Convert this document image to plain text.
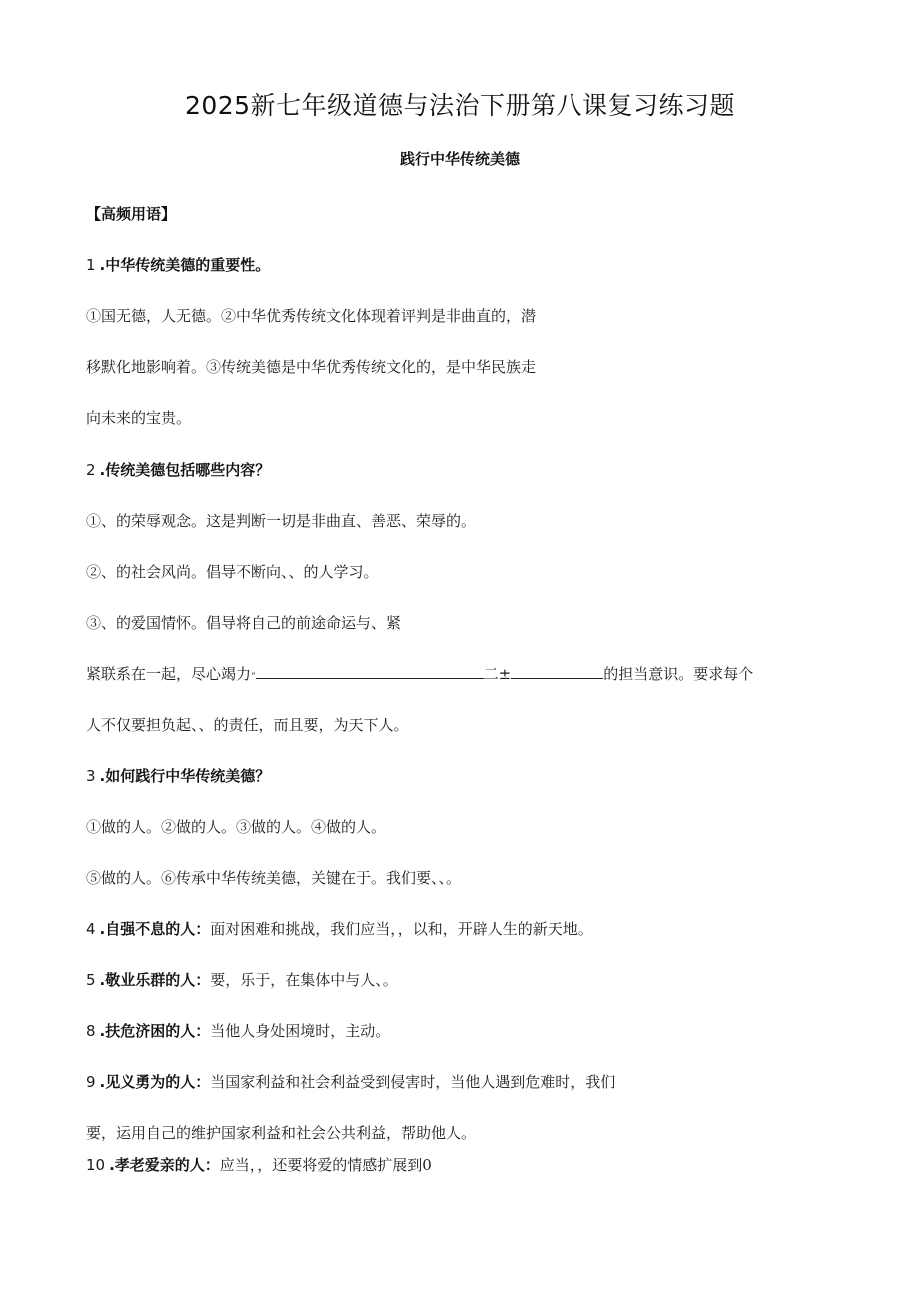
2025新七年级道德与法治下册第八课复习练习题
践行中华传统美德
【高频用语】
1 .中华传统美德的重要性。
①国无德，人无德。②中华优秀传统文化体现着评判是非曲直的，潜
移默化地影响着。③传统美德是中华优秀传统文化的，是中华民族走
向未来的宝贵。
2 .传统美德包括哪些内容？
①、的荣辱观念。这是判断一切是非曲直、善恶、荣辱的。
②、的社会风尚。倡导不断向、、的人学习。
③、的爱国情怀。倡导将自己的前途命运与、紧
紧联系在一起，尽心竭力“	二±	的担当意识。要求每个
人不仅要担负起、、的责任，而且要，为天下人。
3 .如何践行中华传统美德？
①做的人。②做的人。③做的人。④做的人。
⑤做的人。⑥传承中华传统美德，关键在于。我们要、、。
4 .自强不息的人：面对困难和挑战，我们应当，，以和，开辟人生的新天地。
5 .敬业乐群的人：要，乐于，在集体中与人、。
8 .扶危济困的人：当他人身处困境时，主动。
9 .见义勇为的人：当国家利益和社会利益受到侵害时，当他人遇到危难时，我们
要，运用自己的维护国家利益和社会公共利益，帮助他人。
10 .孝老爱亲的人：应当，，还要将爱的情感扩展到0
